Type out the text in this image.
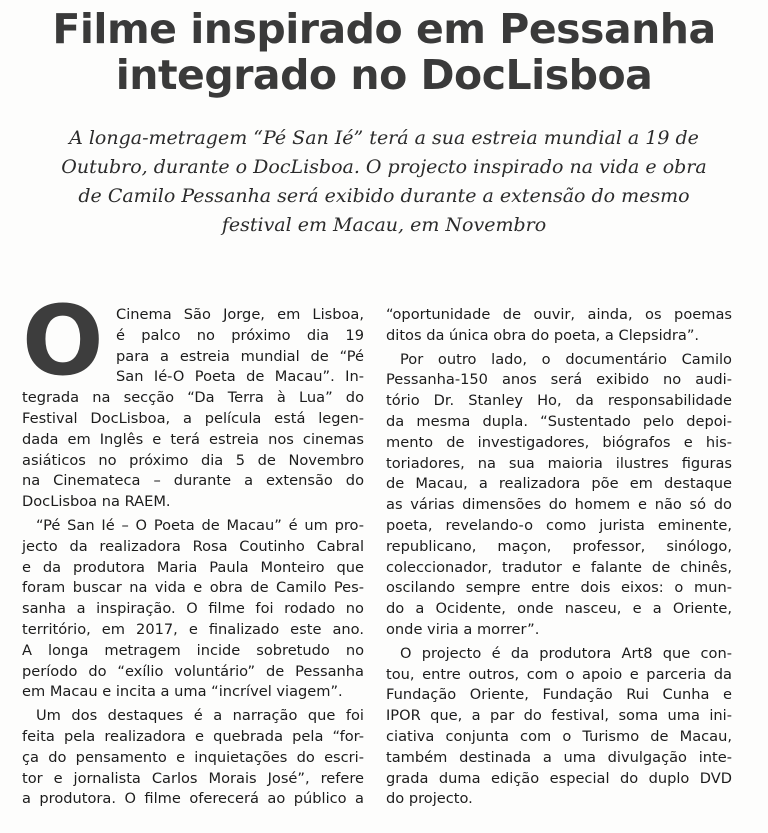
Filme inspirado em Pessanha
integrado no DocLisboa

A longa-metragem “Pé San Ié” terá a sua estreia mundial a 19 de
Outubro, durante o DocLisboa. O projecto inspirado na vida e obra
de Camilo Pessanha será exibido durante a extensão do mesmo
festival em Macau, em Novembro

O Cinema São Jorge, em Lisboa,
é palco no próximo dia 19
para a estreia mundial de “Pé
San Ié-O Poeta de Macau”. In-
tegrada na secção “Da Terra à Lua” do
Festival DocLisboa, a película está legen-
dada em Inglês e terá estreia nos cinemas
asiáticos no próximo dia 5 de Novembro
na Cinemateca – durante a extensão do
DocLisboa na RAEM.
“Pé San Ié – O Poeta de Macau” é um pro-
jecto da realizadora Rosa Coutinho Cabral
e da produtora Maria Paula Monteiro que
foram buscar na vida e obra de Camilo Pes-
sanha a inspiração. O filme foi rodado no
território, em 2017, e finalizado este ano.
A longa metragem incide sobretudo no
período do “exílio voluntário” de Pessanha
em Macau e incita a uma “incrível viagem”.
Um dos destaques é a narração que foi
feita pela realizadora e quebrada pela “for-
ça do pensamento e inquietações do escri-
tor e jornalista Carlos Morais José”, refere
a produtora. O filme oferecerá ao público a
“oportunidade de ouvir, ainda, os poemas
ditos da única obra do poeta, a Clepsidra”.
Por outro lado, o documentário Camilo
Pessanha-150 anos será exibido no audi-
tório Dr. Stanley Ho, da responsabilidade
da mesma dupla. “Sustentado pelo depoi-
mento de investigadores, biógrafos e his-
toriadores, na sua maioria ilustres figuras
de Macau, a realizadora põe em destaque
as várias dimensões do homem e não só do
poeta, revelando-o como jurista eminente,
republicano, maçon, professor, sinólogo,
coleccionador, tradutor e falante de chinês,
oscilando sempre entre dois eixos: o mun-
do a Ocidente, onde nasceu, e a Oriente,
onde viria a morrer”.
O projecto é da produtora Art8 que con-
tou, entre outros, com o apoio e parceria da
Fundação Oriente, Fundação Rui Cunha e
IPOR que, a par do festival, soma uma ini-
ciativa conjunta com o Turismo de Macau,
também destinada a uma divulgação inte-
grada duma edição especial do duplo DVD
do projecto.
